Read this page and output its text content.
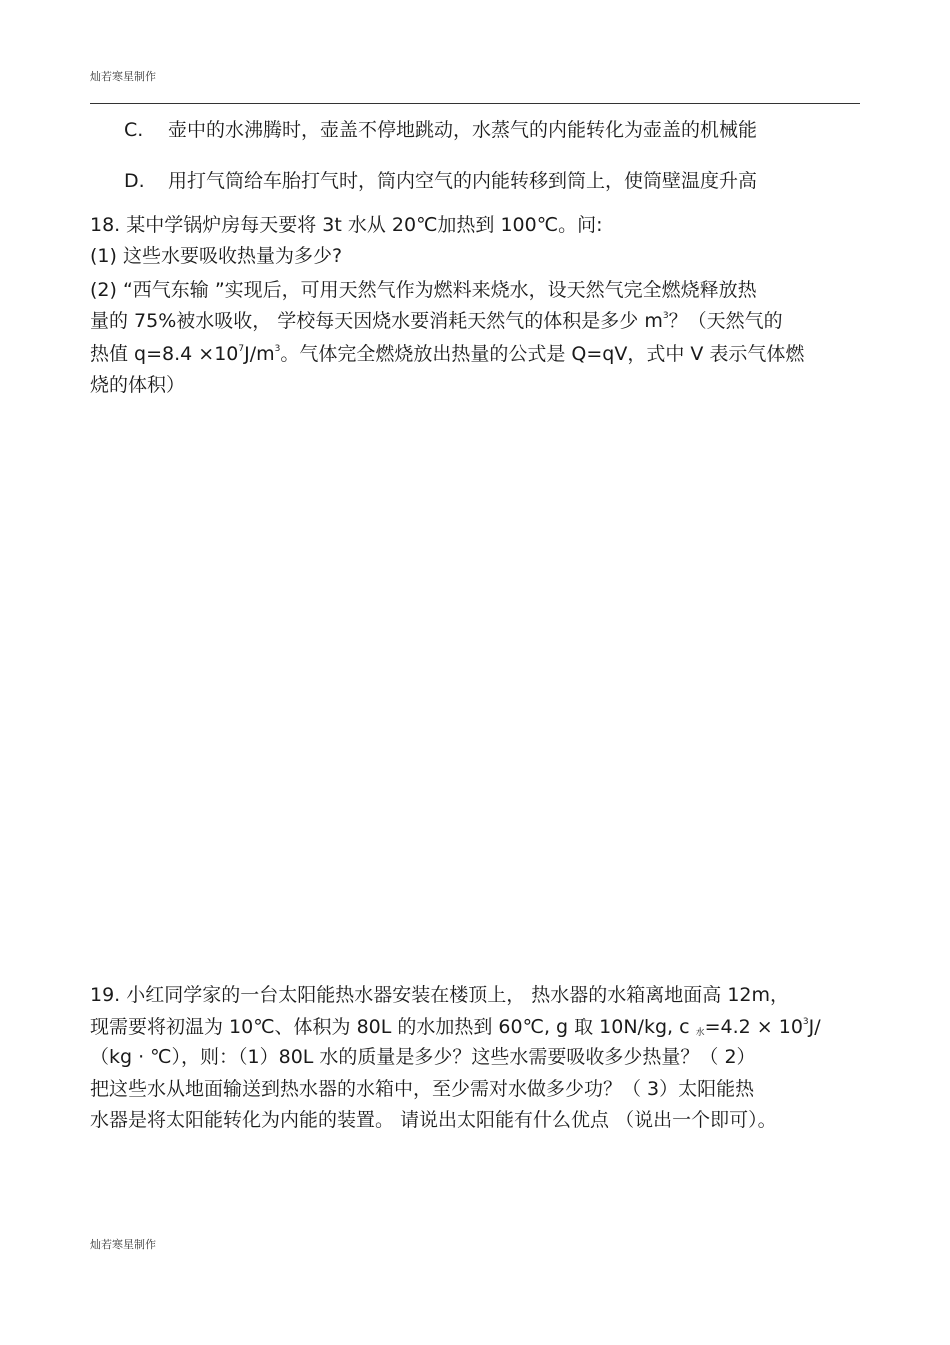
灿若寒星制作
C. 壶中的水沸腾时，壶盖不停地跳动，水蒸气的内能转化为壶盖的机械能
D. 用打气筒给车胎打气时，筒内空气的内能转移到筒上，使筒壁温度升高
18. 某中学锅炉房每天要将 3t 水从 20℃加热到 100℃。问:
(1) 这些水要吸收热量为多少?
(2) “西气东输 ”实现后，可用天然气作为燃料来烧水，设天然气完全燃烧释放热
量的 75%被水吸收， 学校每天因烧水要消耗天然气的体积是多少 $m^3$？（天然气的
热值 $q=8.4 \times 10^7J/m^3$。气体完全燃烧放出热量的公式是 Q=qV，式中 V 表示气体燃
烧的体积）
19. 小红同学家的一台太阳能热水器安装在楼顶上， 热水器的水箱离地面高 12m，
现需要将初温为 10℃、体积为 80L 的水加热到 60℃, g 取 10N/kg, c $_水=4.2 \times 10^3J/$
（kg · ℃），则：（1）80L 水的质量是多少？这些水需要吸收多少热量？（ 2）
把这些水从地面输送到热水器的水箱中，至少需对水做多少功？（ 3）太阳能热
水器是将太阳能转化为内能的装置。 请说出太阳能有什么优点 （说出一个即可）。
灿若寒星制作
